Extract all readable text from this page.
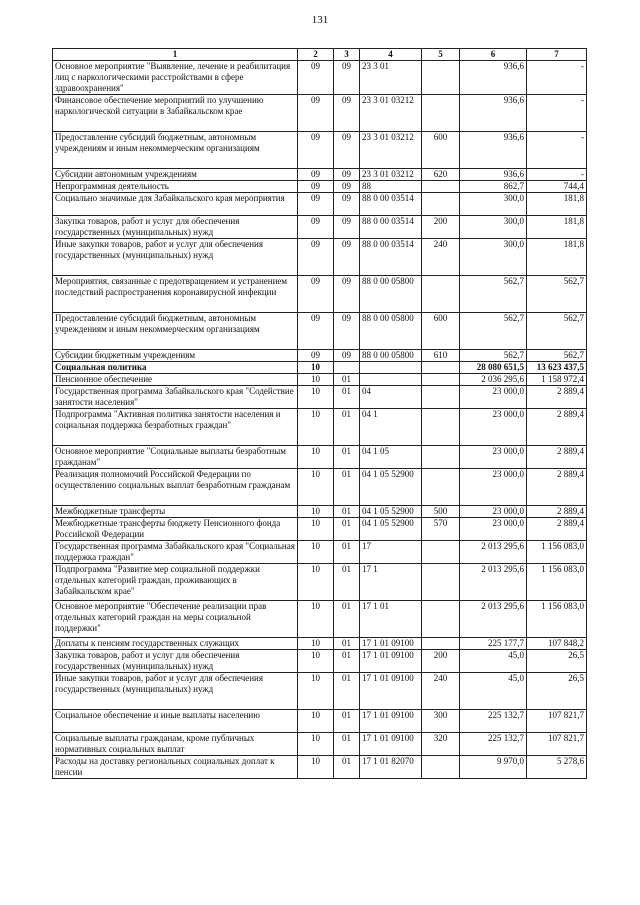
131
1	2	3	4	5	6	7
Основное мероприятие "Выявление, лечение и реабилитация лиц с наркологическими расстройствами в сфере здравоохранения"	09	09	23 3 01		936,6	-
Финансовое обеспечение мероприятий по улучшению наркологической ситуации в Забайкальском крае	09	09	23 3 01 03212		936,6	-
Предоставление субсидий бюджетным, автономным учреждениям и иным некоммерческим организациям	09	09	23 3 01 03212	600	936,6	-
Субсидии автономным учреждениям	09	09	23 3 01 03212	620	936,6	-
Непрограммная деятельность	09	09	88		862,7	744,4
Социально значимые для Забайкальского края мероприятия	09	09	88 0 00 03514		300,0	181,8
Закупка товаров, работ и услуг для обеспечения государственных (муниципальных) нужд	09	09	88 0 00 03514	200	300,0	181,8
Иные закупки товаров, работ и услуг для обеспечения государственных (муниципальных) нужд	09	09	88 0 00 03514	240	300,0	181,8
Мероприятия, связанные с предотвращением и устранением последствий распространения коронавирусной инфекции	09	09	88 0 00 05800		562,7	562,7
Предоставление субсидий бюджетным, автономным учреждениям и иным некоммерческим организациям	09	09	88 0 00 05800	600	562,7	562,7
Субсидии бюджетным учреждениям	09	09	88 0 00 05800	610	562,7	562,7
Социальная политика	10				28 080 651,5	13 623 437,5
Пенсионное обеспечение	10	01			2 036 295,6	1 158 972,4
Государственная программа Забайкальского края "Содействие занятости населения"	10	01	04		23 000,0	2 889,4
Подпрограмма "Активная политика занятости населения и социальная поддержка безработных граждан"	10	01	04 1		23 000,0	2 889,4
Основное мероприятие "Социальные выплаты безработным гражданам"	10	01	04 1 05		23 000,0	2 889,4
Реализация полномочий Российской Федерации по осуществлению социальных выплат безработным гражданам	10	01	04 1 05 52900		23 000,0	2 889,4
Межбюджетные трансферты	10	01	04 1 05 52900	500	23 000,0	2 889,4
Межбюджетные трансферты бюджету Пенсионного фонда Российской Федерации	10	01	04 1 05 52900	570	23 000,0	2 889,4
Государственная программа Забайкальского края "Социальная поддержка граждан"	10	01	17		2 013 295,6	1 156 083,0
Подпрограмма "Развитие мер социальной поддержки отдельных категорий граждан, проживающих в Забайкальском крае"	10	01	17 1		2 013 295,6	1 156 083,0
Основное мероприятие "Обеспечение реализации прав отдельных категорий граждан на меры социальной поддержки"	10	01	17 1 01		2 013 295,6	1 156 083,0
Доплаты к пенсиям государственных служащих	10	01	17 1 01 09100		225 177,7	107 848,2
Закупка товаров, работ и услуг для обеспечения государственных (муниципальных) нужд	10	01	17 1 01 09100	200	45,0	26,5
Иные закупки товаров, работ и услуг для обеспечения государственных (муниципальных) нужд	10	01	17 1 01 09100	240	45,0	26,5
Социальное обеспечение и иные выплаты населению	10	01	17 1 01 09100	300	225 132,7	107 821,7
Социальные выплаты гражданам, кроме публичных нормативных социальных выплат	10	01	17 1 01 09100	320	225 132,7	107 821,7
Расходы на доставку региональных социальных доплат к пенсии	10	01	17 1 01 82070		9 970,0	5 278,6
